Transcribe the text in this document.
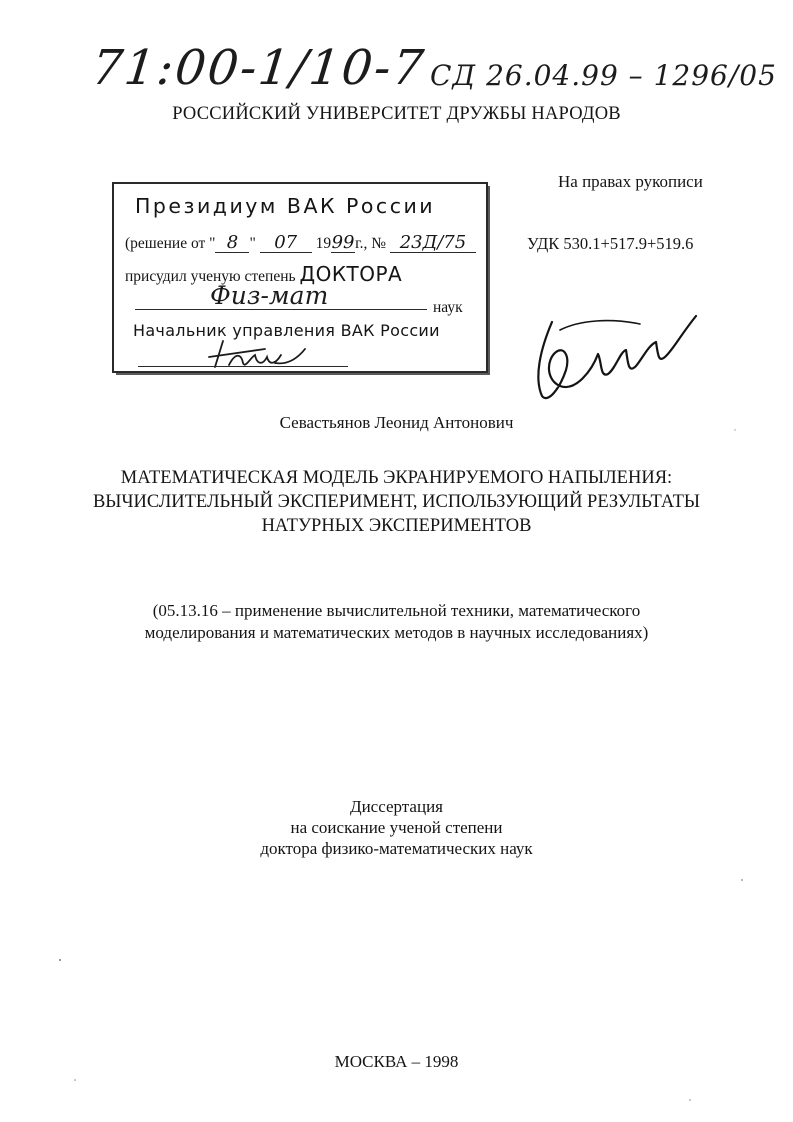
71:00-1/10-7 СД 26.04.99 – 1296/05
РОССИЙСКИЙ УНИВЕРСИТЕТ ДРУЖБЫ НАРОДОВ
На правах рукописи
УДК 530.1+517.9+519.6
Президиум ВАК России
(решение от " 8 " 07 1999г., № 23Д/75
присудил ученую степень ДОКТОРА
Физ-мат	наук
Начальник управления ВАК России
Севастьянов Леонид Антонович
МАТЕМАТИЧЕСКАЯ МОДЕЛЬ ЭКРАНИРУЕМОГО НАПЫЛЕНИЯ:
ВЫЧИСЛИТЕЛЬНЫЙ ЭКСПЕРИМЕНТ, ИСПОЛЬЗУЮЩИЙ РЕЗУЛЬТАТЫ
НАТУРНЫХ ЭКСПЕРИМЕНТОВ
(05.13.16 – применение вычислительной техники, математического
моделирования и математических методов в научных исследованиях)
Диссертация
на соискание ученой степени
доктора физико-математических наук
МОСКВА – 1998
